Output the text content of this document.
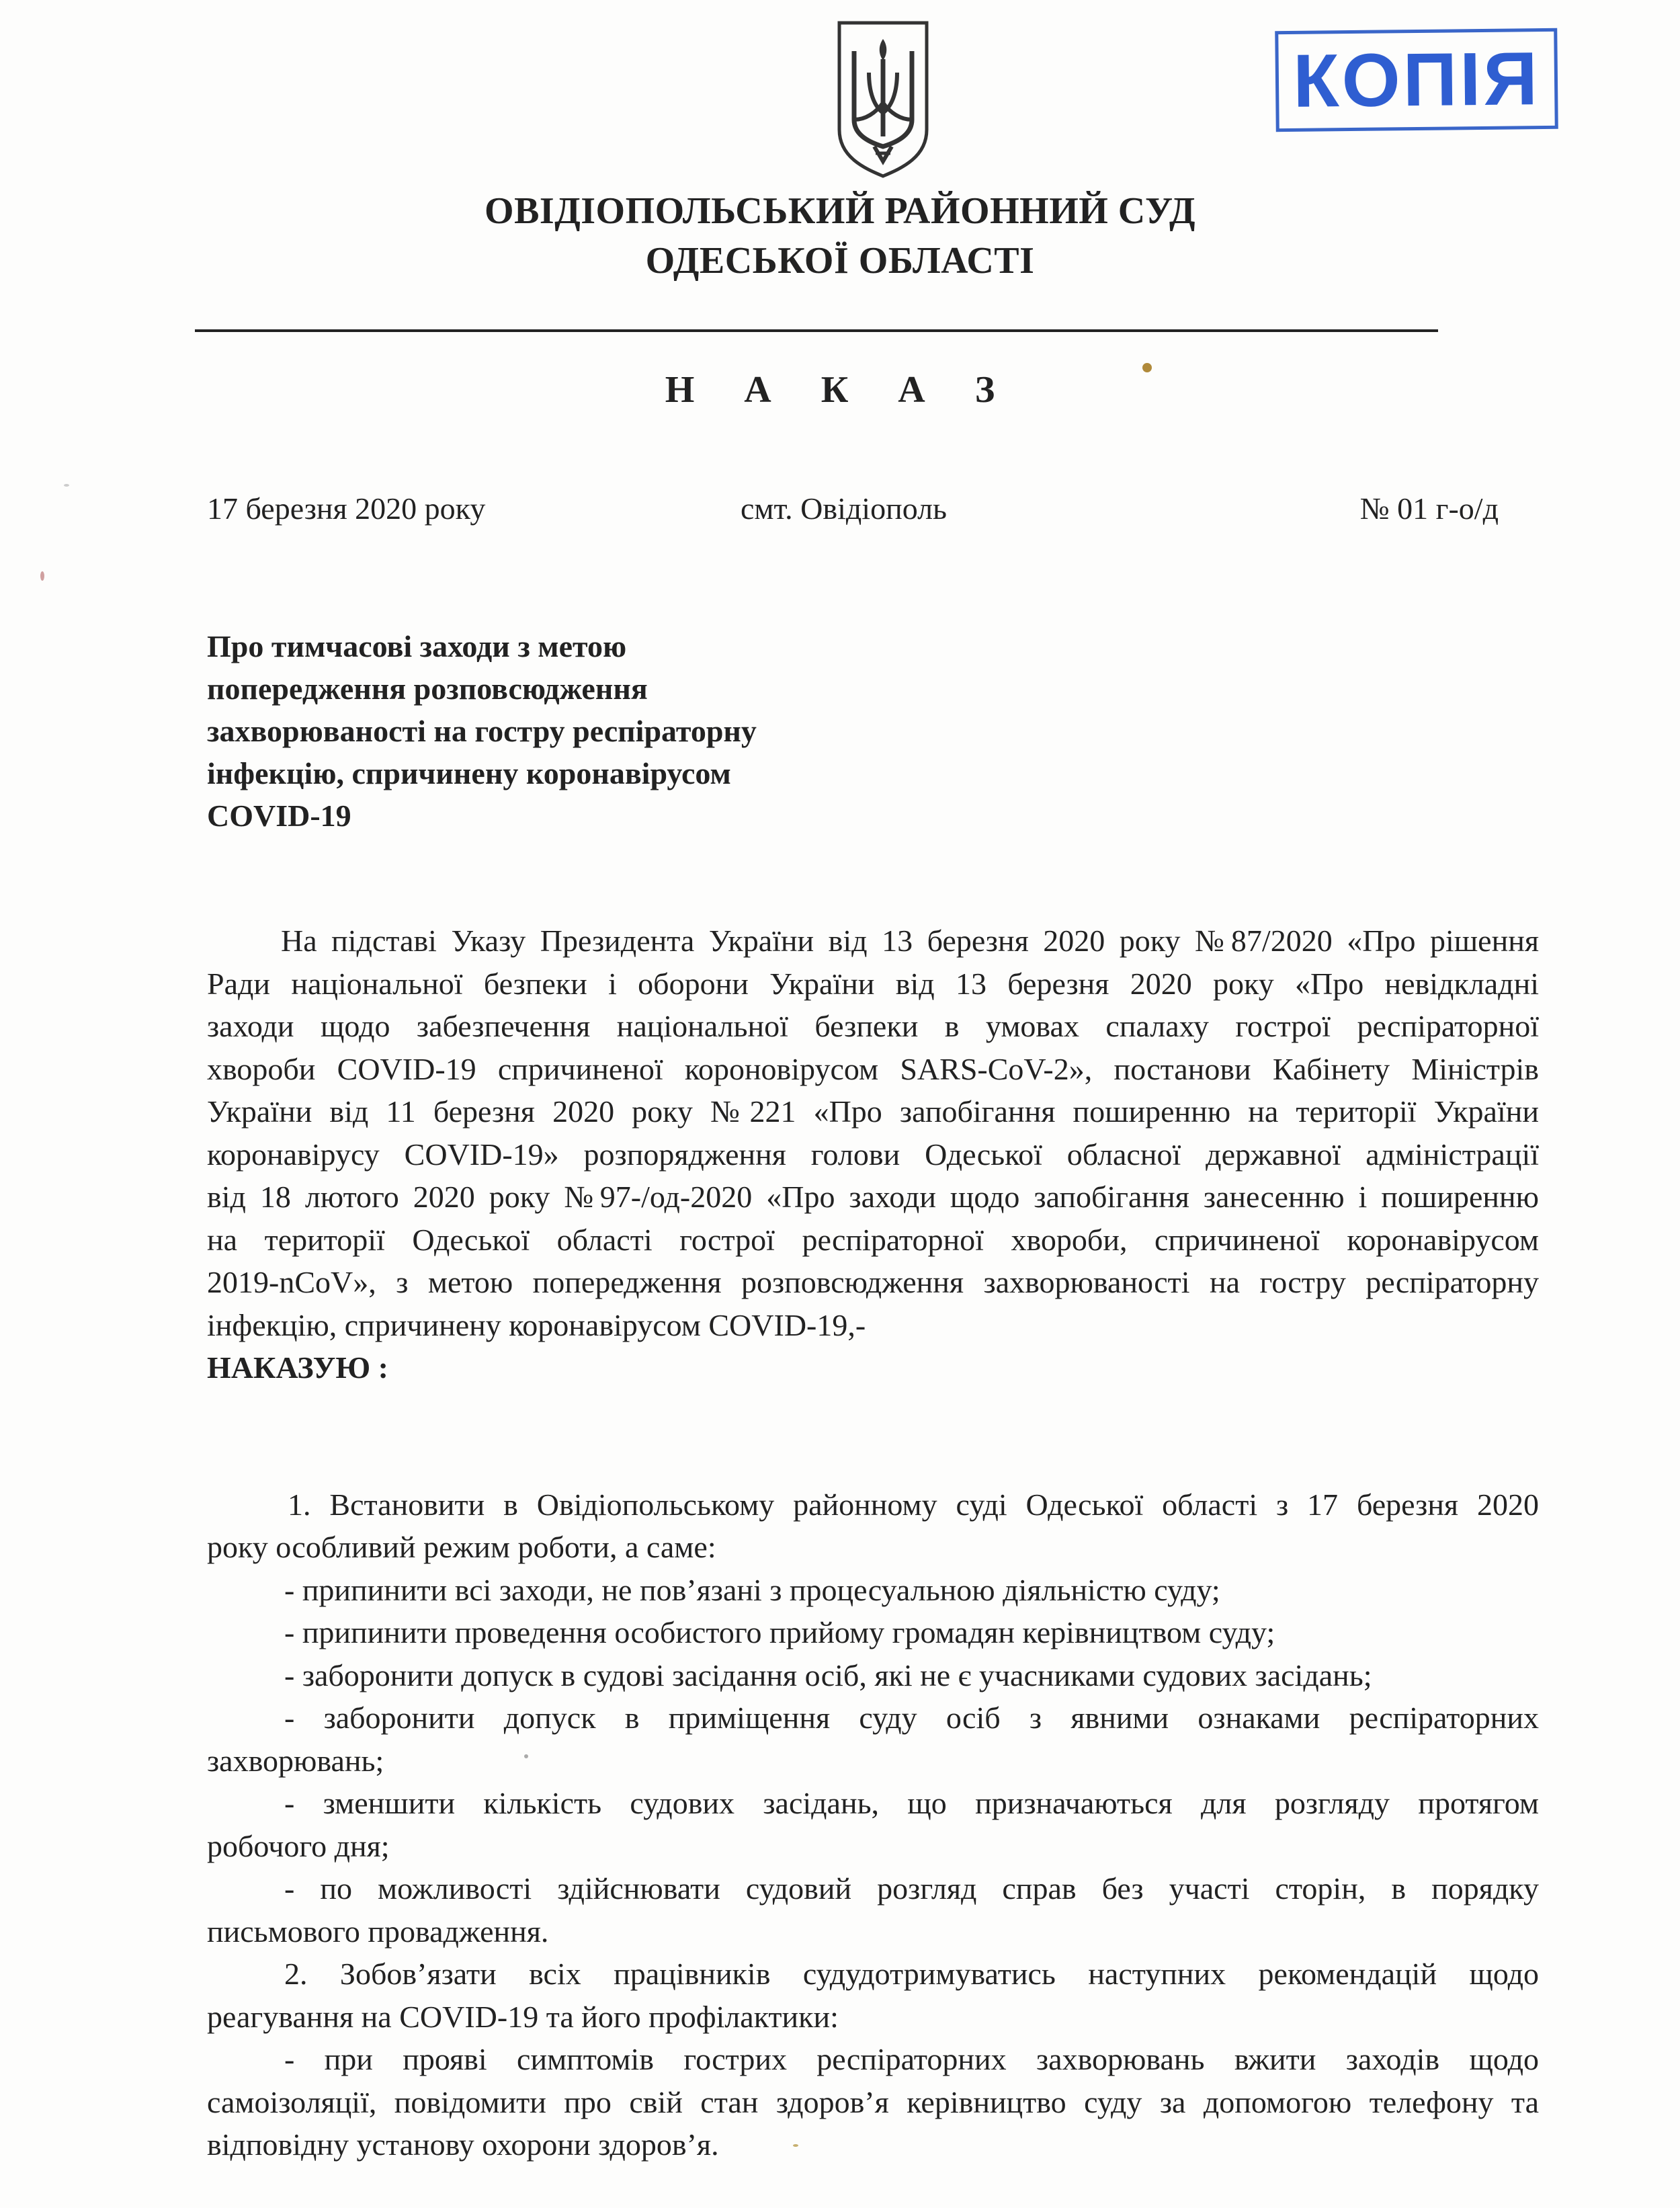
КОПІЯ
ОВІДІОПОЛЬСЬКИЙ РАЙОННИЙ СУД
ОДЕСЬКОЇ ОБЛАСТІ
Н А К А З
17 березня 2020 року	смт. Овідіополь	№ 01 г-о/д
Про тимчасові заходи з метою
попередження розповсюдження
захворюваності на гостру респіраторну
інфекцію, спричинену коронавірусом
COVID-19
На підставі Указу Президента України від 13 березня 2020 року №87/2020 «Про рішення
Ради національної безпеки і оборони України від 13 березня 2020 року «Про невідкладні
заходи щодо забезпечення національної безпеки в умовах спалаху гострої респіраторної
хвороби COVID-19 спричиненої короновірусом SARS-CoV-2», постанови Кабінету Міністрів
України від 11 березня 2020 року №221 «Про запобігання поширенню на території України
коронавірусу COVID-19» розпорядження голови Одеської обласної державної адміністрації
від 18 лютого 2020 року №97-/од-2020 «Про заходи щодо запобігання занесенню і поширенню
на території Одеської області гострої респіраторної хвороби, спричиненої коронавірусом
2019-nCoV», з метою попередження розповсюдження захворюваності на гостру респіраторну
інфекцію, спричинену коронавірусом COVID-19,-
НАКАЗУЮ :
1. Встановити в Овідіопольському районному суді Одеської області з 17 березня 2020
року особливий режим роботи, а саме:
- припинити всі заходи, не пов’язані з процесуальною діяльністю суду;
- припинити проведення особистого прийому громадян керівництвом суду;
- заборонити допуск в судові засідання осіб, які не є учасниками судових засідань;
- заборонити допуск в приміщення суду осіб з явними ознаками респіраторних
захворювань;
- зменшити кількість судових засідань, що призначаються для розгляду протягом
робочого дня;
- по можливості здійснювати судовий розгляд справ без участі сторін, в порядку
письмового провадження.
2. Зобов’язати всіх працівників судудотримуватись наступних рекомендацій щодо
реагування на COVID-19 та його профілактики:
- при прояві симптомів гострих респіраторних захворювань вжити заходів щодо
самоізоляції, повідомити про свій стан здоров’я керівництво суду за допомогою телефону та
відповідну установу охорони здоров’я.
